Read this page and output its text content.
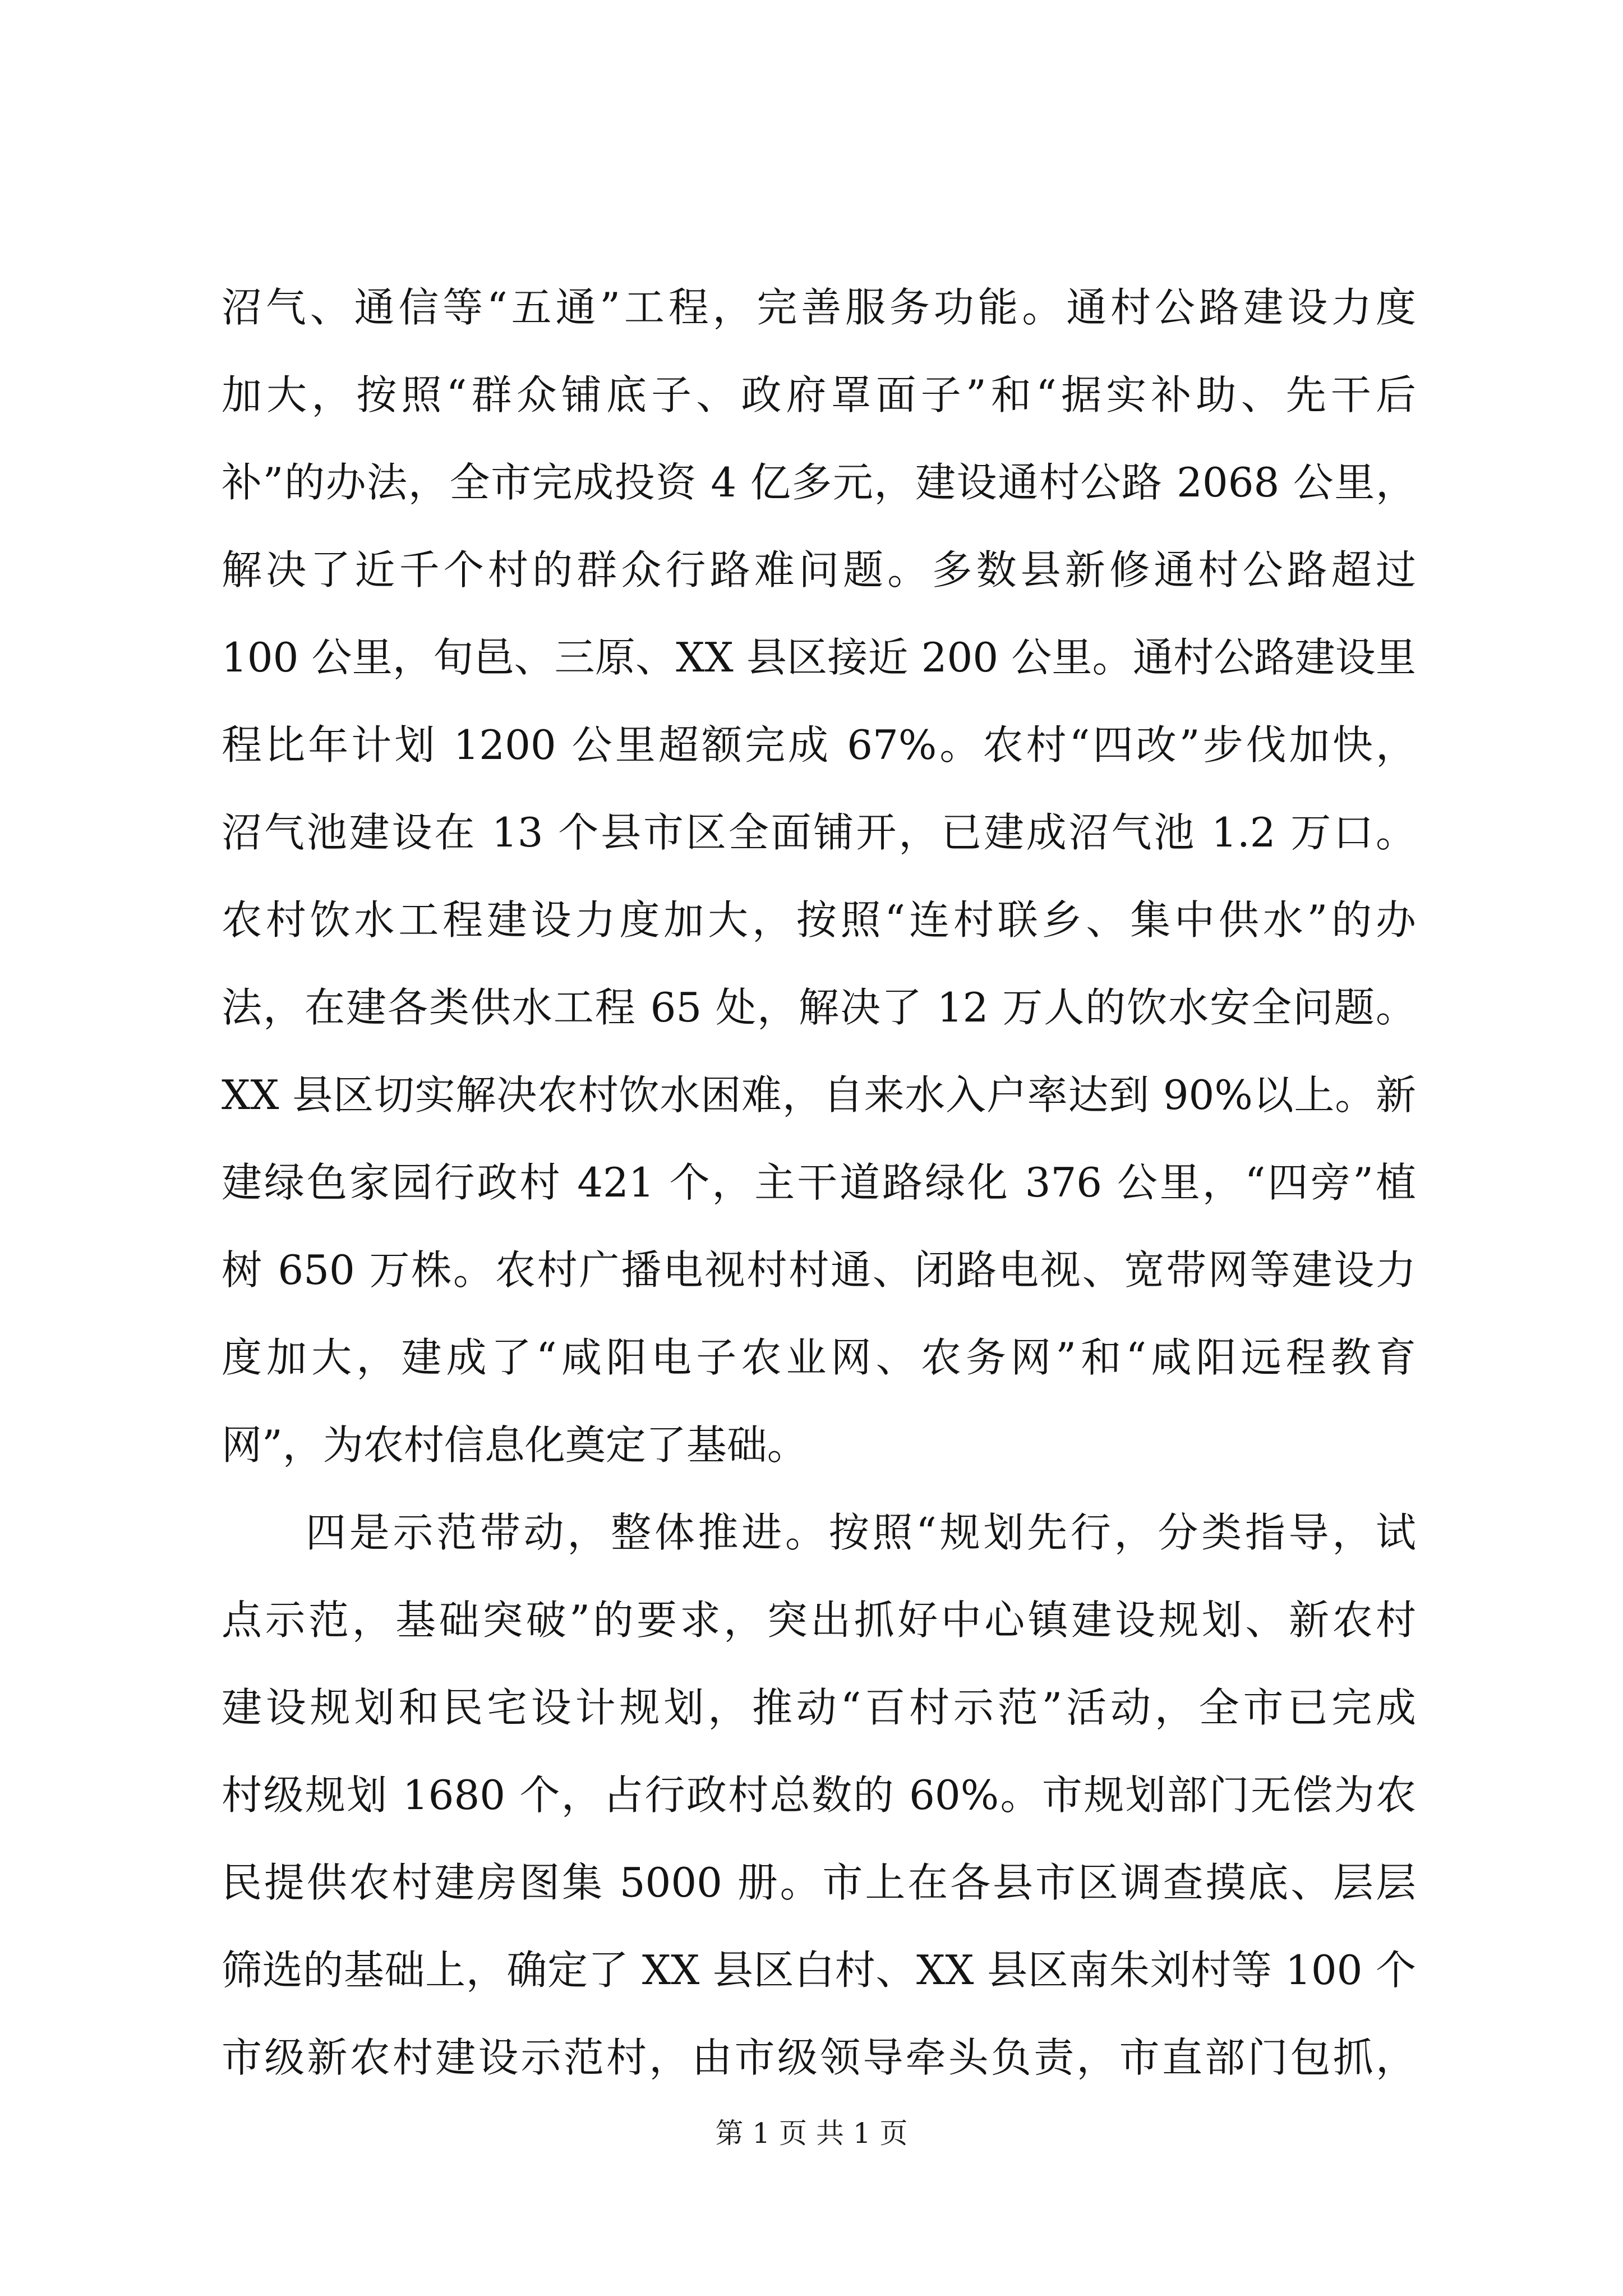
沼气、通信等“五通”工程，完善服务功能。通村公路建设力度
加大，按照“群众铺底子、政府罩面子”和“据实补助、先干后
补”的办法，全市完成投资 4 亿多元，建设通村公路 2068 公里，
解决了近千个村的群众行路难问题。多数县新修通村公路超过
100 公里，旬邑、三原、XX 县区接近 200 公里。通村公路建设里
程比年计划 1200 公里超额完成 67%。农村“四改”步伐加快，
沼气池建设在 13 个县市区全面铺开，已建成沼气池 1.2 万口。
农村饮水工程建设力度加大，按照“连村联乡、集中供水”的办
法，在建各类供水工程 65 处，解决了 12 万人的饮水安全问题。
XX 县区切实解决农村饮水困难，自来水入户率达到 90%以上。新
建绿色家园行政村 421 个，主干道路绿化 376 公里，“四旁”植
树 650 万株。农村广播电视村村通、闭路电视、宽带网等建设力
度加大，建成了“咸阳电子农业网、农务网”和“咸阳远程教育
网”，为农村信息化奠定了基础。
四是示范带动，整体推进。按照“规划先行，分类指导，试
点示范，基础突破”的要求，突出抓好中心镇建设规划、新农村
建设规划和民宅设计规划，推动“百村示范”活动，全市已完成
村级规划 1680 个，占行政村总数的 60%。市规划部门无偿为农
民提供农村建房图集 5000 册。市上在各县市区调查摸底、层层
筛选的基础上，确定了 XX 县区白村、XX 县区南朱刘村等 100 个
市级新农村建设示范村，由市级领导牵头负责，市直部门包抓，
第 1 页 共 1 页
